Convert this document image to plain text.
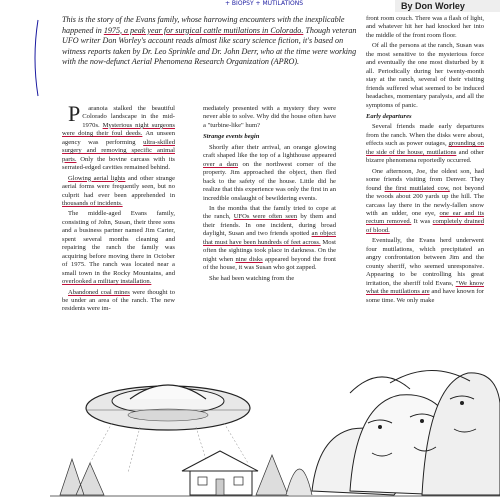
+ BIOPSY + MUTILATIONS	By Don Worley
This is the story of the Evans family, whose harrowing encounters with the inexplicable happened in 1975, a peak year for surgical cattle mutilations in Colorado. Though veteran UFO writer Don Worley's account reads almost like scary science fiction, it's based on witness reports taken by Dr. Leo Sprinkle and Dr. John Derr, who at the time were working with the now-defunct Aerial Phenomena Research Organization (APRO).

P aranoia stalked the beautiful Colorado landscape in the mid-1970s. Mysterious night surgeons were doing their foul deeds. An unseen agency was performing ultra-skilled surgery and removing specific animal parts. Only the bovine carcass with its serrated-edged cavities remained behind.

Glowing aerial lights and other strange aerial forms were frequently seen, but no culprit had ever been apprehended in thousands of incidents.

The middle-aged Evans family, consisting of John, Susan, their three sons and a business partner named Jim Carter, spent several months cleaning and repairing the ranch the family was acquiring before moving there in October of 1975. The ranch was located near a small town in the Rocky Mountains, and overlooked a military installation.

Abandoned coal mines were thought to be under an area of the ranch. The new residents were im-

mediately presented with a mystery they were never able to solve. Why did the house often have a "turbine-like" hum?

Strange events begin

Shortly after their arrival, an orange glowing craft shaped like the top of a lighthouse appeared over a dam on the northwest corner of the property. Jim approached the object, then fled back to the safety of the house. Little did he realize that this experience was only the first in an incredible onslaught of bewildering events.

In the months that the family tried to cope at the ranch, UFOs were often seen by them and their friends. In one incident, during broad daylight, Susan and two friends spotted an object that must have been hundreds of feet across. Most often the sightings took place in darkness. On the night when nine disks appeared beyond the front of the house, it was Susan who got zapped.

She had been watching from the

front room couch. There was a flash of light, and whatever hit her had knocked her into the middle of the front room floor.

Of all the persons at the ranch, Susan was the most sensitive to the mysterious force and eventually the one most disturbed by it all. Periodically during her twenty-month stay at the ranch, several of their visiting friends suffered what seemed to be induced headaches, momentary paralysis, and all the symptoms of panic.

Early departures

Several friends made early departures from the ranch. When the disks were about, effects such as power outages, grounding on the side of the house, mutilations and other bizarre phenomena reportedly occurred.

One afternoon, Joe, the oldest son, had some friends visiting from Denver. They found the first mutilated cow, not beyond the woods about 200 yards up the hill. The carcass lay there in the newly-fallen snow with an udder, one eye, one ear and its rectum removed. It was completely drained of blood.

Eventually, the Evans herd underwent four mutilations, which precipitated an angry confrontation between Jim and the county sheriff, who seemed unresponsive. Appearing to be controlling his great irritation, the sheriff told Evans, "We know what the mutilations are and have known for some time. We only make
